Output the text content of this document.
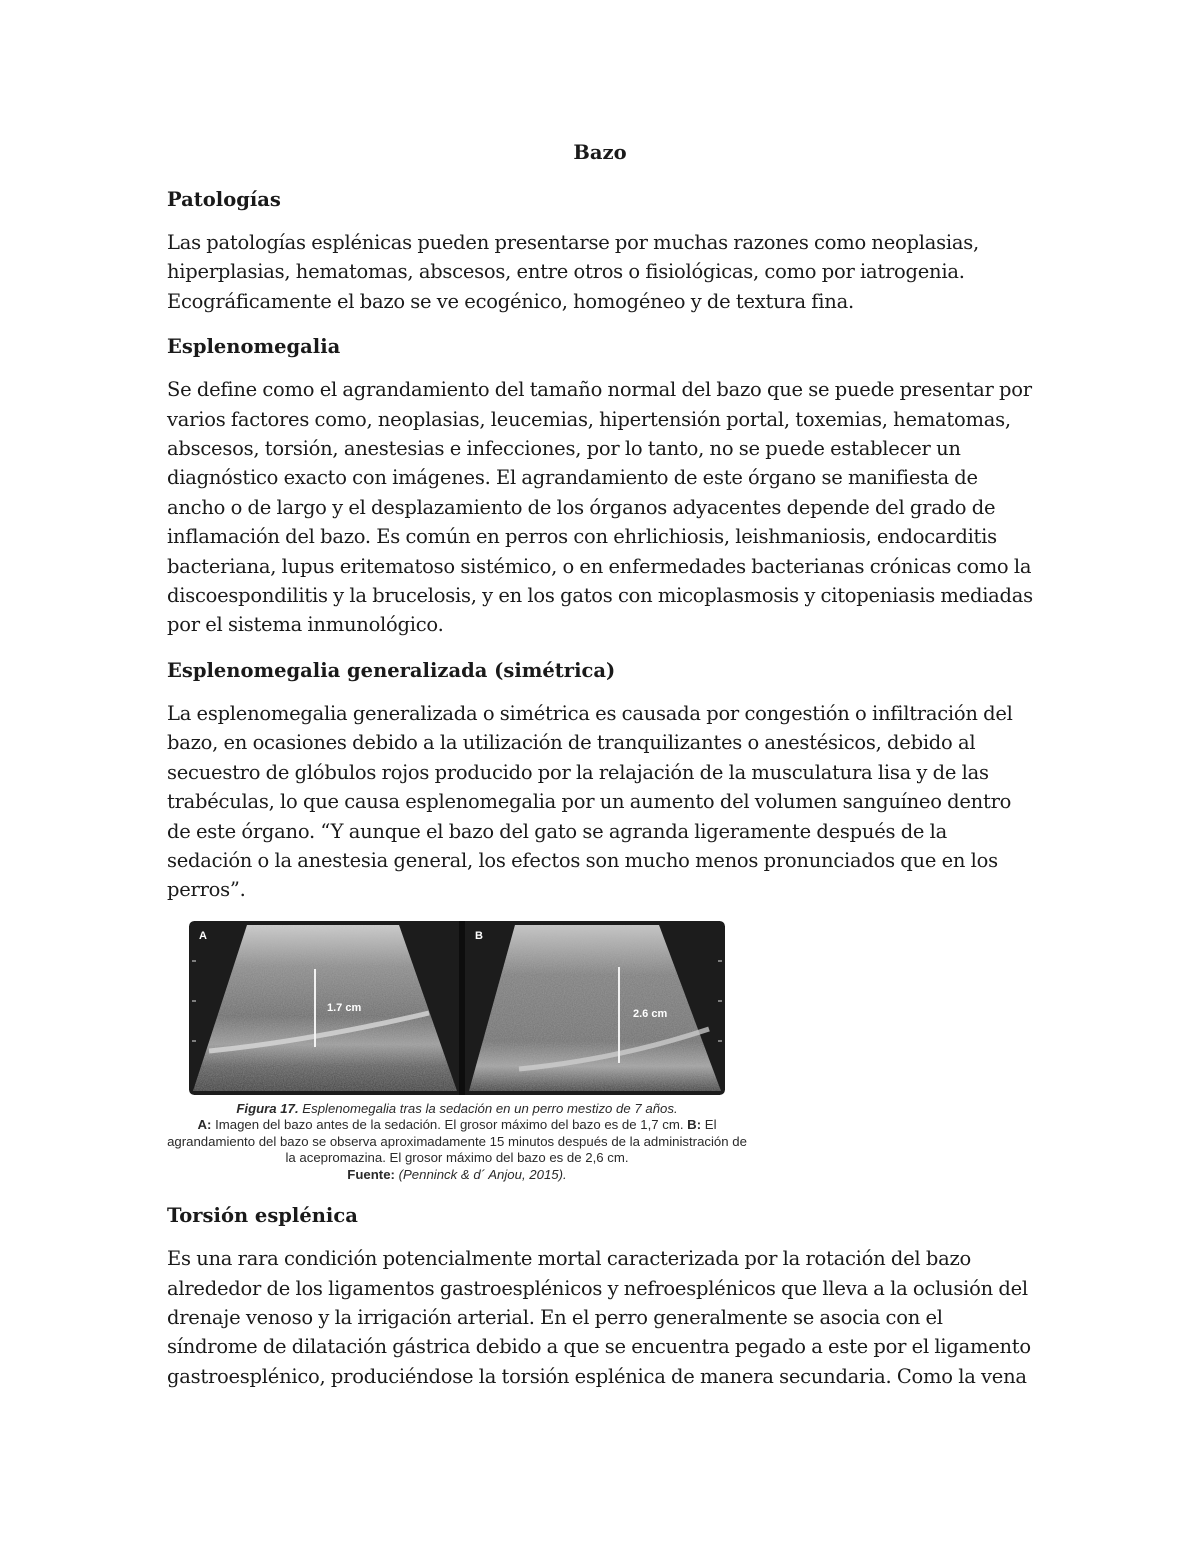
Bazo
Patologías

Las patologías esplénicas pueden presentarse por muchas razones como neoplasias, hiperplasias, hematomas, abscesos, entre otros o fisiológicas, como por iatrogenia. Ecográficamente el bazo se ve ecogénico, homogéneo y de textura fina.

Esplenomegalia

Se define como el agrandamiento del tamaño normal del bazo que se puede presentar por varios factores como, neoplasias, leucemias, hipertensión portal, toxemias, hematomas, abscesos, torsión, anestesias e infecciones, por lo tanto, no se puede establecer un diagnóstico exacto con imágenes. El agrandamiento de este órgano se manifiesta de ancho o de largo y el desplazamiento de los órganos adyacentes depende del grado de inflamación del bazo. Es común en perros con ehrlichiosis, leishmaniosis, endocarditis bacteriana, lupus eritematoso sistémico, o en enfermedades bacterianas crónicas como la discoespondilitis y la brucelosis, y en los gatos con micoplasmosis y citopeniasis mediadas por el sistema inmunológico.

Esplenomegalia generalizada (simétrica)

La esplenomegalia generalizada o simétrica es causada por congestión o infiltración del bazo, en ocasiones debido a la utilización de tranquilizantes o anestésicos, debido al secuestro de glóbulos rojos producido por la relajación de la musculatura lisa y de las trabéculas, lo que causa esplenomegalia por un aumento del volumen sanguíneo dentro de este órgano. “Y aunque el bazo del gato se agranda ligeramente después de la sedación o la anestesia general, los efectos son mucho menos pronunciados que en los perros”.

A
1.7 cm
B
2.6 cm
Figura 17. Esplenomegalia tras la sedación en un perro mestizo de 7 años.
A: Imagen del bazo antes de la sedación. El grosor máximo del bazo es de 1,7 cm. B: El agrandamiento del bazo se observa aproximadamente 15 minutos después de la administración de la acepromazina. El grosor máximo del bazo es de 2,6 cm.
Fuente: (Penninck & d´ Anjou, 2015).
Torsión esplénica

Es una rara condición potencialmente mortal caracterizada por la rotación del bazo alrededor de los ligamentos gastroesplénicos y nefroesplénicos que lleva a la oclusión del drenaje venoso y la irrigación arterial. En el perro generalmente se asocia con el síndrome de dilatación gástrica debido a que se encuentra pegado a este por el ligamento gastroesplénico, produciéndose la torsión esplénica de manera secundaria. Como la vena
